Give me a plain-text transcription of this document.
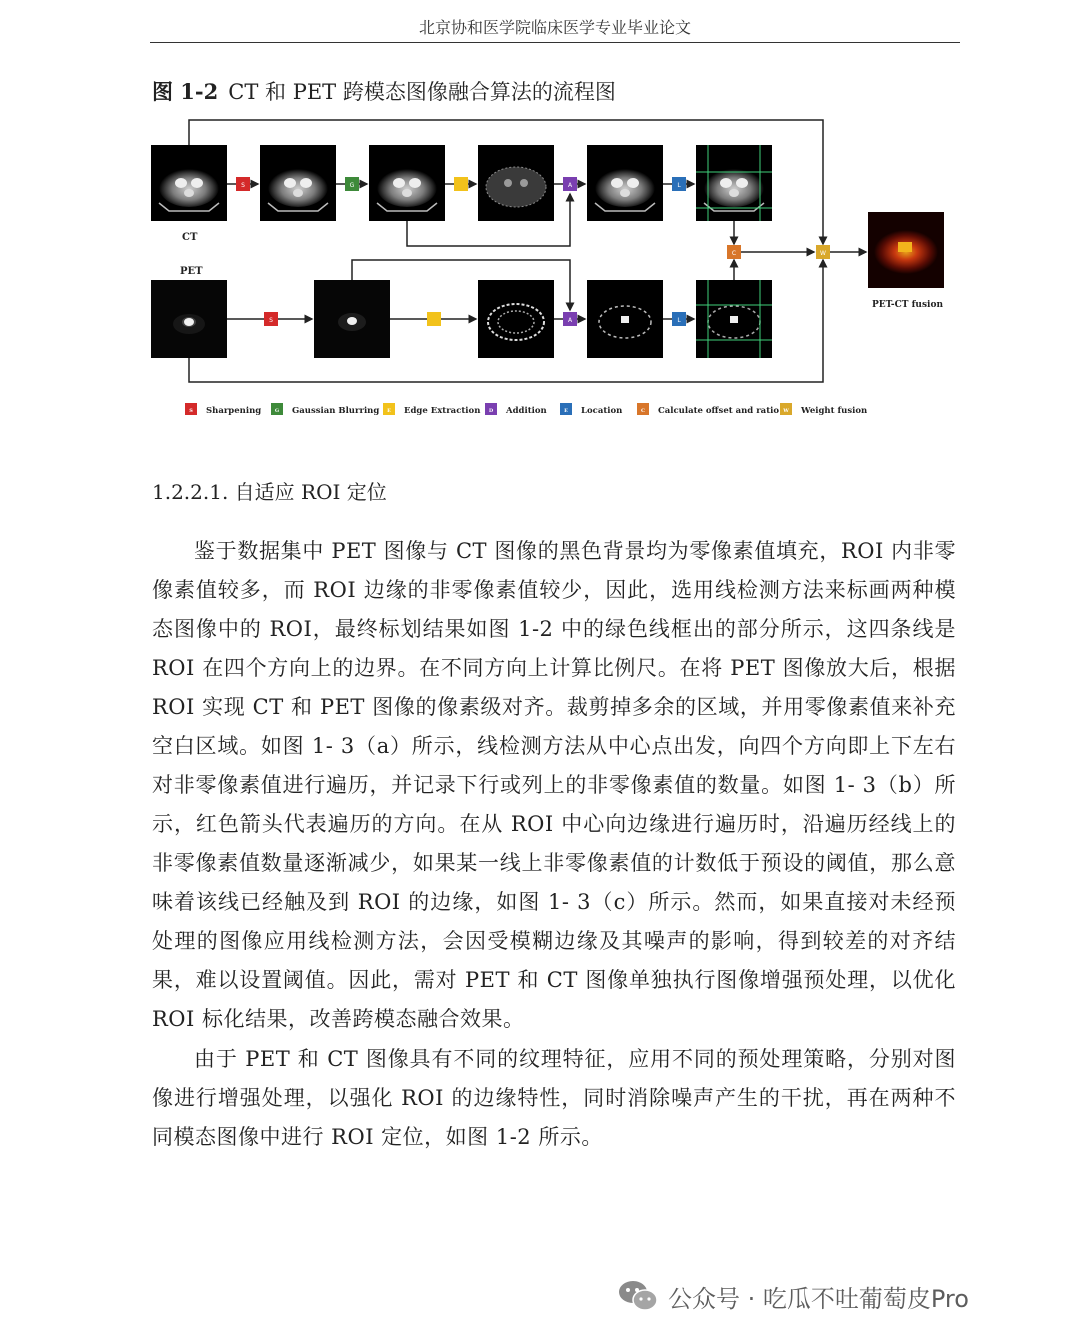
北京协和医学院临床医学专业毕业论文
图 1-2 CT 和 PET 跨模态图像融合算法的流程图
CT
PET
PET-CT fusion
S	G	A	L
S	A	L
C	W
S Sharpening	G Gaussian Blurring E Edge Extraction D Addition	E Location	C Calculate offset and ratio W Weight fusion
1.2.2.1. 自适应 ROI 定位

鉴于数据集中 PET 图像与 CT 图像的黑色背景均为零像素值填充，ROI 内非零像素值较多，而 ROI 边缘的非零像素值较少，因此，选用线检测方法来标画两种模态图像中的 ROI，最终标划结果如图 1-2 中的绿色线框出的部分所示，这四条线是 ROI 在四个方向上的边界。在不同方向上计算比例尺。在将 PET 图像放大后，根据 ROI 实现 CT 和 PET 图像的像素级对齐。裁剪掉多余的区域，并用零像素值来补充空白区域。如图 1- 3（a）所示，线检测方法从中心点出发，向四个方向即上下左右对非零像素值进行遍历，并记录下行或列上的非零像素值的数量。如图 1- 3（b）所示，红色箭头代表遍历的方向。在从 ROI 中心向边缘进行遍历时，沿遍历经线上的非零像素值数量逐渐减少，如果某一线上非零像素值的计数低于预设的阈值，那么意味着该线已经触及到 ROI 的边缘，如图 1- 3（c）所示。然而，如果直接对未经预处理的图像应用线检测方法，会因受模糊边缘及其噪声的影响，得到较差的对齐结果，难以设置阈值。因此，需对 PET 和 CT 图像单独执行图像增强预处理，以优化 ROI 标化结果，改善跨模态融合效果。

由于 PET 和 CT 图像具有不同的纹理特征，应用不同的预处理策略，分别对图像进行增强处理，以强化 ROI 的边缘特性，同时消除噪声产生的干扰，再在两种不同模态图像中进行 ROI 定位，如图 1-2 所示。

公众号 · 吃瓜不吐葡萄皮Pro
